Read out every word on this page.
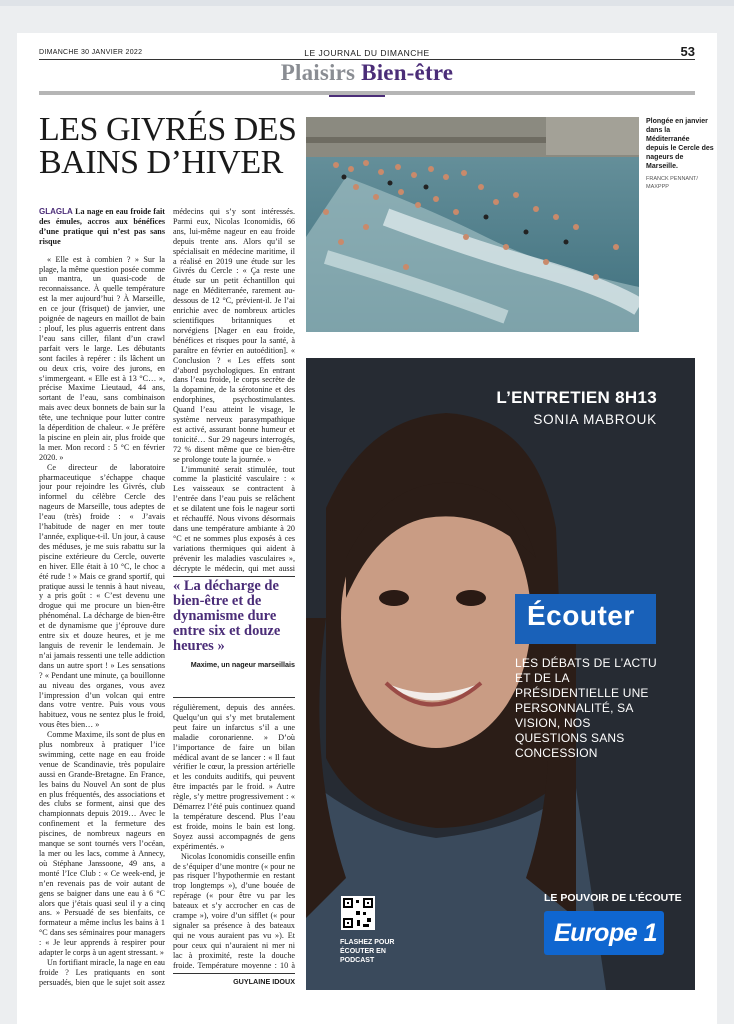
DIMANCHE 30 JANVIER 2022	LE JOURNAL DU DIMANCHE	53
Plaisirs Bien-être
LES GIVRÉS DES BAINS D’HIVER
Plongée en janvier dans la Méditerranée depuis le Cercle des nageurs de Marseille.
FRANCK PENNANT/ MAXPPP

GLAGLA La nage en eau froide fait des émules, accros aux bénéfices d’une pratique qui n’est pas sans risque

« Elle est à combien ? » Sur la plage, la même question posée comme un mantra, un quasi-code de reconnaissance. À quelle température est la mer aujourd’hui ? À Marseille, en ce jour (frisquet) de janvier, une poignée de nageurs en maillot de bain : plouf, les plus aguerris entrent dans l’eau sans ciller, filant d’un crawl parfait vers le large. Les débutants sont faciles à repérer : ils lâchent un ou deux cris, voire des jurons, en s’immergeant. « Elle est à 13 °C… », précise Maxime Lieutaud, 44 ans, sortant de l’eau, sans combinaison mais avec deux bonnets de bain sur la tête, une technique pour lutter contre la déperdition de chaleur. « Je préfère la piscine en plein air, plus froide que la mer. Mon record : 5 °C en février 2020. »

Ce directeur de laboratoire pharmaceutique s’échappe chaque jour pour rejoindre les Givrés, club informel du célèbre Cercle des nageurs de Marseille, tous adeptes de l’eau (très) froide : « J’avais l’habitude de nager en mer toute l’année, explique-t-il. Un jour, à cause des méduses, je me suis rabattu sur la piscine extérieure du Cercle, ouverte en hiver. Elle était à 10 °C, le choc a été rude ! » Mais ce grand sportif, qui pratique aussi le tennis à haut niveau, y a pris goût : « C’est devenu une drogue qui me procure un bien-être phénoménal. La décharge de bien-être et de dynamisme que j’éprouve dure entre six et douze heures, et je me languis de revenir le lendemain. Je n’ai jamais ressenti une telle addiction dans un autre sport ! » Les sensations ? « Pendant une minute, ça bouillonne au niveau des organes, vous avez l’impression d’un volcan qui entre dans votre ventre. Puis vous vous habituez, vous ne sentez plus le froid, vous êtes bien… »

Comme Maxime, ils sont de plus en plus nombreux à pratiquer l’ice swimming, cette nage en eau froide venue de Scandinavie, très populaire aussi en Grande-Bretagne. En France, les bains du Nouvel An sont de plus en plus fréquentés, des associations et des clubs se forment, ainsi que des championnats depuis 2019… Avec le confinement et la fermeture des piscines, de nombreux nageurs en manque se sont tournés vers l’océan, la mer ou les lacs, comme à Annecy, où Stéphane Janssoone, 49 ans, a monté l’Ice Club : « Ce week-end, je n’en revenais pas de voir autant de gens se baigner dans une eau à 6 °C alors que j’étais quasi seul il y a cinq ans. » Persuadé de ses bienfaits, ce formateur a même inclus les bains à 1 °C dans ses séminaires pour managers : « Je leur apprends à respirer pour adapter le corps à un agent stressant. »

Un fortifiant miracle, la nage en eau froide ? Les pratiquants en sont persuadés, bien que le sujet soit assez

médecins qui s’y sont intéressés. Parmi eux, Nicolas Iconomidis, 66 ans, lui-même nageur en eau froide depuis trente ans. Alors qu’il se spécialisait en médecine maritime, il a réalisé en 2019 une étude sur les Givrés du Cercle : « Ça reste une étude sur un petit échantillon qui nage en Méditerranée, rarement au-dessous de 12 °C, prévient-il. Je l’ai enrichie avec de nombreux articles scientifiques britanniques et norvégiens [Nager en eau froide, bénéfices et risques pour la santé, à paraître en février en autoédition]. « Conclusion ? « Les effets sont d’abord psychologiques. En entrant dans l’eau froide, le corps secrète de la dopamine, de la sérotonine et des endorphines, psychostimulantes. Quand l’eau atteint le visage, le système nerveux parasympathique est activé, assurant bonne humeur et tonicité… Sur 29 nageurs interrogés, 72 % disent même que ce bien-être se prolonge toute la journée. »

L’immunité serait stimulée, tout comme la plasticité vasculaire : « Les vaisseaux se contractent à l’entrée dans l’eau puis se relâchent et se dilatent une fois le nageur sorti et réchauffé. Nous vivons désormais dans une température ambiante à 20 °C et ne sommes plus exposés à ces variations thermiques qui aident à prévenir les maladies vasculaires », décrypte le médecin, qui met aussi

« La décharge de bien-être et de dynamisme dure entre six et douze heures »
Maxime, un nageur marseillais

régulièrement, depuis des années. Quelqu’un qui s’y met brutalement peut faire un infarctus s’il a une maladie coronarienne. » D’où l’importance de faire un bilan médical avant de se lancer : « Il faut vérifier le cœur, la pression artérielle et les conduits auditifs, qui peuvent être impactés par le froid. » Autre règle, s’y mettre progressivement : « Démarrez l’été puis continuez quand la température descend. Plus l’eau est froide, moins le bain est long. Soyez aussi accompagnés de gens expérimentés. »

Nicolas Iconomidis conseille enfin de s’équiper d’une montre (« pour ne pas risquer l’hypothermie en restant trop longtemps »), d’une bouée de repérage (« pour être vu par les bateaux et s’y accrocher en cas de crampe »), voire d’un sifflet (« pour signaler sa présence à des bateaux qui ne vous auraient pas vu »). Et pour ceux qui n’auraient ni mer ni lac à proximité, reste la douche froide. Température moyenne : 10 à

GUYLAINE IDOUX
L’ENTRETIEN 8H13
SONIA MABROUK
Écouter
LES DÉBATS DE L’ACTU ET DE LA PRÉSIDENTIELLE UNE PERSONNALITÉ, SA VISION, NOS QUESTIONS SANS CONCESSION
FLASHEZ POUR ÉCOUTER EN PODCAST
LE POUVOIR DE L’ÉCOUTE
Europe 1
